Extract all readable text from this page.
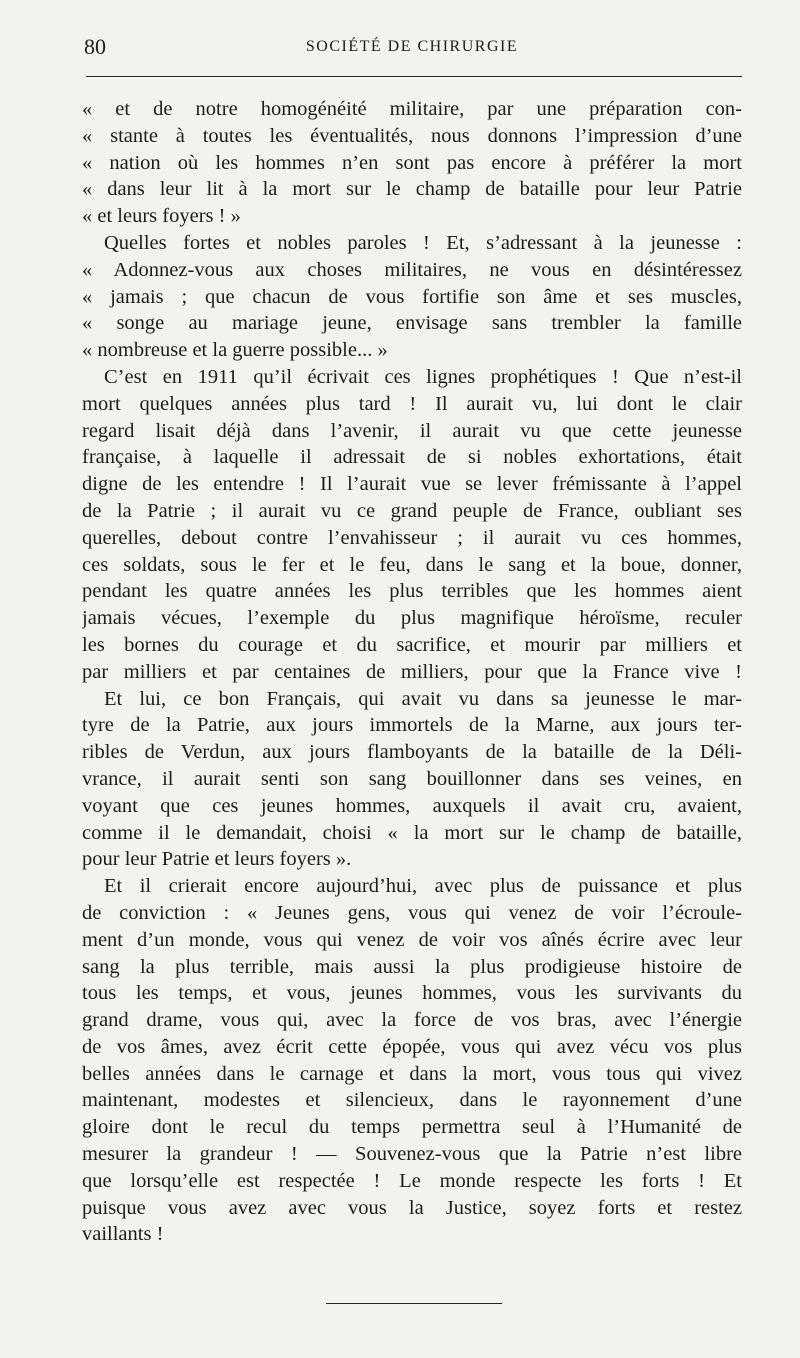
80	SOCIÉTÉ DE CHIRURGIE
« et de notre homogénéité militaire, par une préparation con-
« stante à toutes les éventualités, nous donnons l’impression d’une
« nation où les hommes n’en sont pas encore à préférer la mort
« dans leur lit à la mort sur le champ de bataille pour leur Patrie
« et leurs foyers ! »
Quelles fortes et nobles paroles ! Et, s’adressant à la jeunesse :
« Adonnez-vous aux choses militaires, ne vous en désintéressez
« jamais ; que chacun de vous fortifie son âme et ses muscles,
« songe au mariage jeune, envisage sans trembler la famille
« nombreuse et la guerre possible... »
C’est en 1911 qu’il écrivait ces lignes prophétiques ! Que n’est-il
mort quelques années plus tard ! Il aurait vu, lui dont le clair
regard lisait déjà dans l’avenir, il aurait vu que cette jeunesse
française, à laquelle il adressait de si nobles exhortations, était
digne de les entendre ! Il l’aurait vue se lever frémissante à l’appel
de la Patrie ; il aurait vu ce grand peuple de France, oubliant ses
querelles, debout contre l’envahisseur ; il aurait vu ces hommes,
ces soldats, sous le fer et le feu, dans le sang et la boue, donner,
pendant les quatre années les plus terribles que les hommes aient
jamais vécues, l’exemple du plus magnifique héroïsme, reculer
les bornes du courage et du sacrifice, et mourir par milliers et
par milliers et par centaines de milliers, pour que la France vive !
Et lui, ce bon Français, qui avait vu dans sa jeunesse le mar-
tyre de la Patrie, aux jours immortels de la Marne, aux jours ter-
ribles de Verdun, aux jours flamboyants de la bataille de la Déli-
vrance, il aurait senti son sang bouillonner dans ses veines, en
voyant que ces jeunes hommes, auxquels il avait cru, avaient,
comme il le demandait, choisi « la mort sur le champ de bataille,
pour leur Patrie et leurs foyers ».
Et il crierait encore aujourd’hui, avec plus de puissance et plus
de conviction : « Jeunes gens, vous qui venez de voir l’écroule-
ment d’un monde, vous qui venez de voir vos aînés écrire avec leur
sang la plus terrible, mais aussi la plus prodigieuse histoire de
tous les temps, et vous, jeunes hommes, vous les survivants du
grand drame, vous qui, avec la force de vos bras, avec l’énergie
de vos âmes, avez écrit cette épopée, vous qui avez vécu vos plus
belles années dans le carnage et dans la mort, vous tous qui vivez
maintenant, modestes et silencieux, dans le rayonnement d’une
gloire dont le recul du temps permettra seul à l’Humanité de
mesurer la grandeur ! — Souvenez-vous que la Patrie n’est libre
que lorsqu’elle est respectée ! Le monde respecte les forts ! Et
puisque vous avez avec vous la Justice, soyez forts et restez
vaillants !
